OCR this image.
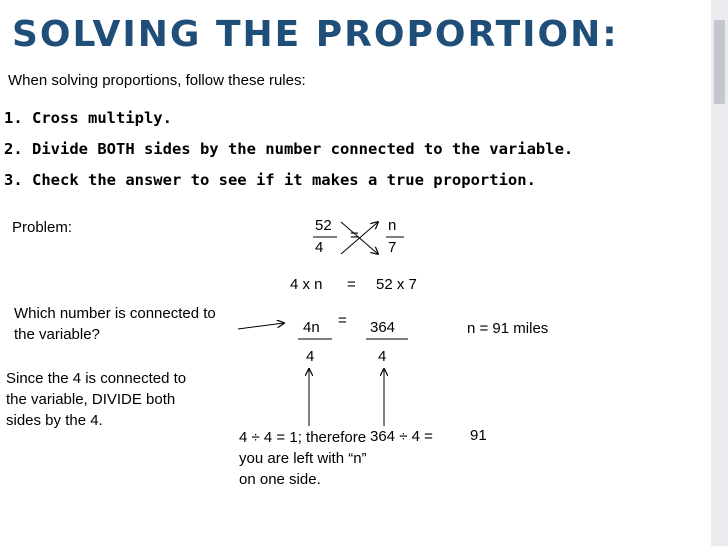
SOLVING THE PROPORTION:
When solving proportions, follow these rules:
1. Cross multiply.
2. Divide BOTH sides by the number connected to the variable.
3. Check the answer to see if it makes a true proportion.
Problem:	52
4
=
n
7
4 x n = 52 x 7
Which number is connected to the variable?	4n = 364
4	4
n = 91 miles
Since the 4 is connected to the variable, DIVIDE both sides by the 4.
4 ÷ 4 = 1; therefore you are left with “n” on one side.
364 ÷ 4 = 91
